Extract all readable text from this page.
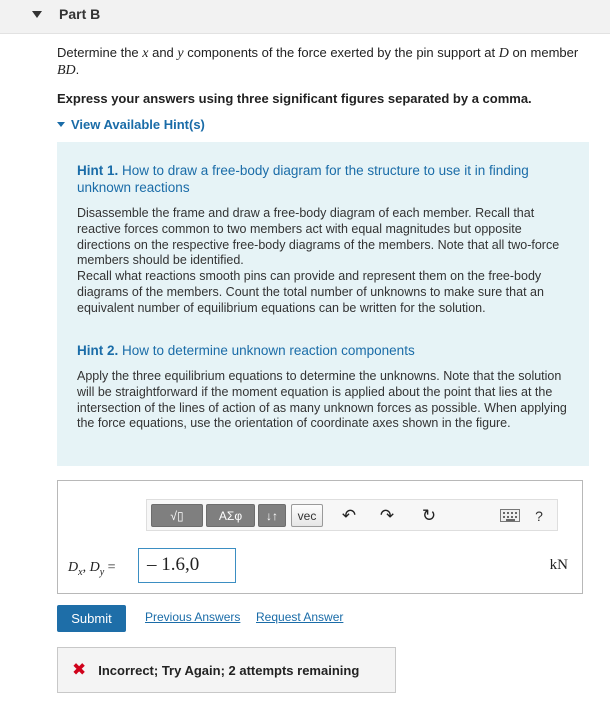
Part B
Determine the x and y components of the force exerted by the pin support at D on member
BD.
Express your answers using three significant figures separated by a comma.
View Available Hint(s)
Hint 1. How to draw a free-body diagram for the structure to use it in finding unknown reactions
Disassemble the frame and draw a free-body diagram of each member. Recall that reactive forces common to two members act with equal magnitudes but opposite directions on the respective free-body diagrams of the members. Note that all two-force members should be identified.
Recall what reactions smooth pins can provide and represent them on the free-body diagrams of the members. Count the total number of unknowns to make sure that an equivalent number of equilibrium equations can be written for the solution.
Hint 2. How to determine unknown reaction components
Apply the three equilibrium equations to determine the unknowns. Note that the solution will be straightforward if the moment equation is applied about the point that lies at the intersection of the lines of action of as many unknown forces as possible. When applying the force equations, use the orientation of coordinate axes shown in the figure.
√▯	ΑΣφ	↓↑	vec	↶ ↷ ↻	?
$D_x$, $D_y$ =	– 1.6,0	kN
Submit	Previous Answers Request Answer
✖ Incorrect; Try Again; 2 attempts remaining
